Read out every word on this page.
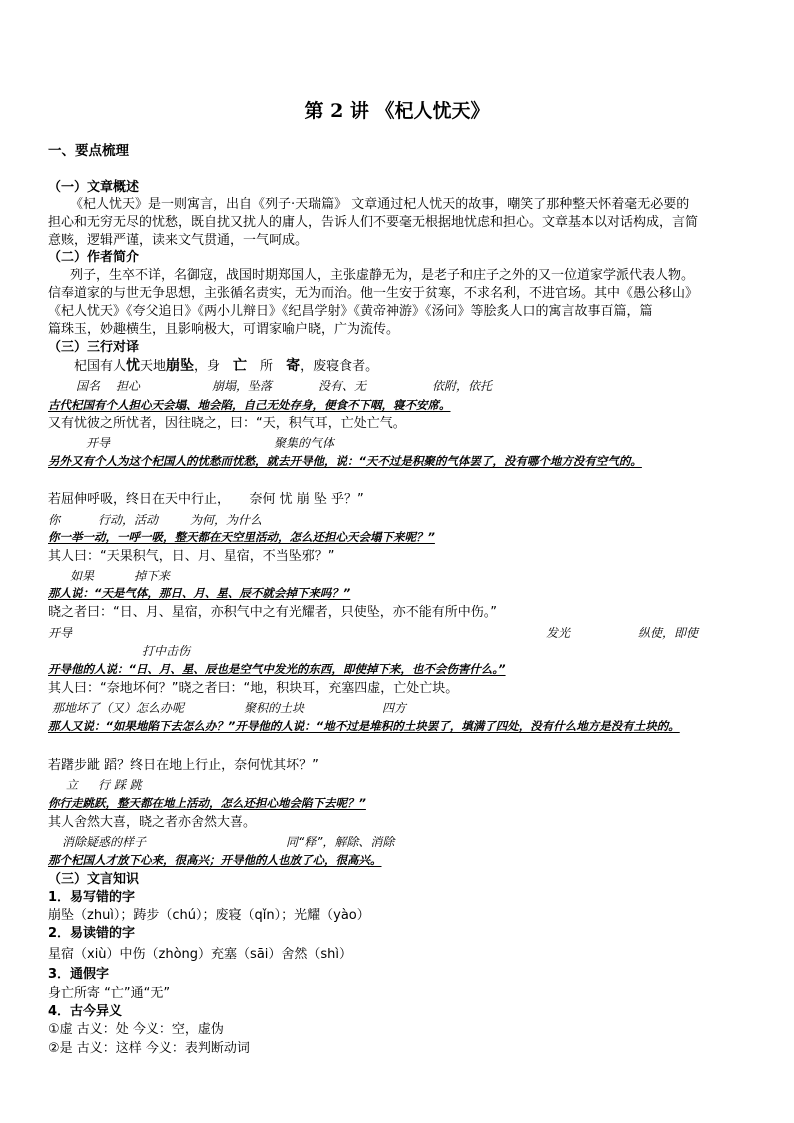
第 2 讲 《杞人忧天》
一、要点梳理
（一）文章概述
《杞人忧天》是一则寓言，出自《列子·天瑞篇》 文章通过杞人忧天的故事，嘲笑了那种整天怀着毫无必要的
担心和无穷无尽的忧愁，既自扰又扰人的庸人，告诉人们不要毫无根据地忧虑和担心。文章基本以对话构成，言简
意赅，逻辑严谨，读来文气贯通，一气呵成。
（二）作者简介
列子，生卒不详，名御寇，战国时期郑国人，主张虚静无为，是老子和庄子之外的又一位道家学派代表人物。
信奉道家的与世无争思想，主张循名责实，无为而治。他一生安于贫寒，不求名利，不进官场。其中《愚公移山》
《杞人忧天》《夸父追日》《两小儿辩日》《纪昌学射》《黄帝神游》《汤问》等脍炙人口的寓言故事百篇，篇
篇珠玉，妙趣横生，且影响极大，可谓家喻户晓，广为流传。
（三）三行对译
杞国有人忧天地崩坠，身　亡　所　寄，废寝食者。
国名 担心	崩塌，坠落	没有、无	依附，依托
古代杞国有个人担心天会塌、地会陷，自己无处存身，便食不下咽，寝不安席。
又有忧彼之所忧者，因往晓之，曰：“天，积气耳，亡处亡气。
开导	聚集的气体
另外又有个人为这个杞国人的忧愁而忧愁，就去开导他，说：“天不过是积聚的气体罢了，没有哪个地方没有空气的。
若屈伸呼吸，终日在天中行止，　　奈何 忧 崩 坠 乎？”
你	行动，活动	为何，为什么
你一举一动，一呼一吸，整天都在天空里活动，怎么还担心天会塌下来呢？”
其人曰：“天果积气，日、月、星宿，不当坠邪？”
如果	掉下来
那人说：“天是气体，那日、月、星、辰不就会掉下来吗？”
晓之者曰：“日、月、星宿，亦积气中之有光耀者，只使坠，亦不能有所中伤。”
开导	发光	纵使，即使
打中击伤
开导他的人说：“日、月、星、辰也是空气中发光的东西，即使掉下来，也不会伤害什么。”
其人曰：“奈地坏何？”晓之者曰：“地，积块耳，充塞四虚，亡处亡块。
那地坏了（又）怎么办呢	聚积的土块	四方
那人又说：“如果地陷下去怎么办？”开导他的人说：“地不过是堆积的土块罢了，填满了四处，没有什么地方是没有土块的。
若躇步跐 蹈？终日在地上行止，奈何忧其坏？”
立 行 踩 跳
你行走跳跃，整天都在地上活动，怎么还担心地会陷下去呢？”
其人舍然大喜，晓之者亦舍然大喜。
消除疑惑的样子	同“释”，解除、消除
那个杞国人才放下心来，很高兴；开导他的人也放了心，很高兴。
（三）文言知识
1．易写错的字
崩坠（zhuì）；踌步（chú）；废寝（qǐn）；光耀（yào）
2．易读错的字
星宿（xiù）中伤（zhòng）充塞（sāi）舍然（shì）
3．通假字
身亡所寄 “亡”通“无”
4．古今异义
①虚 古义：处 今义：空，虚伪
②是 古义：这样 今义：表判断动词
